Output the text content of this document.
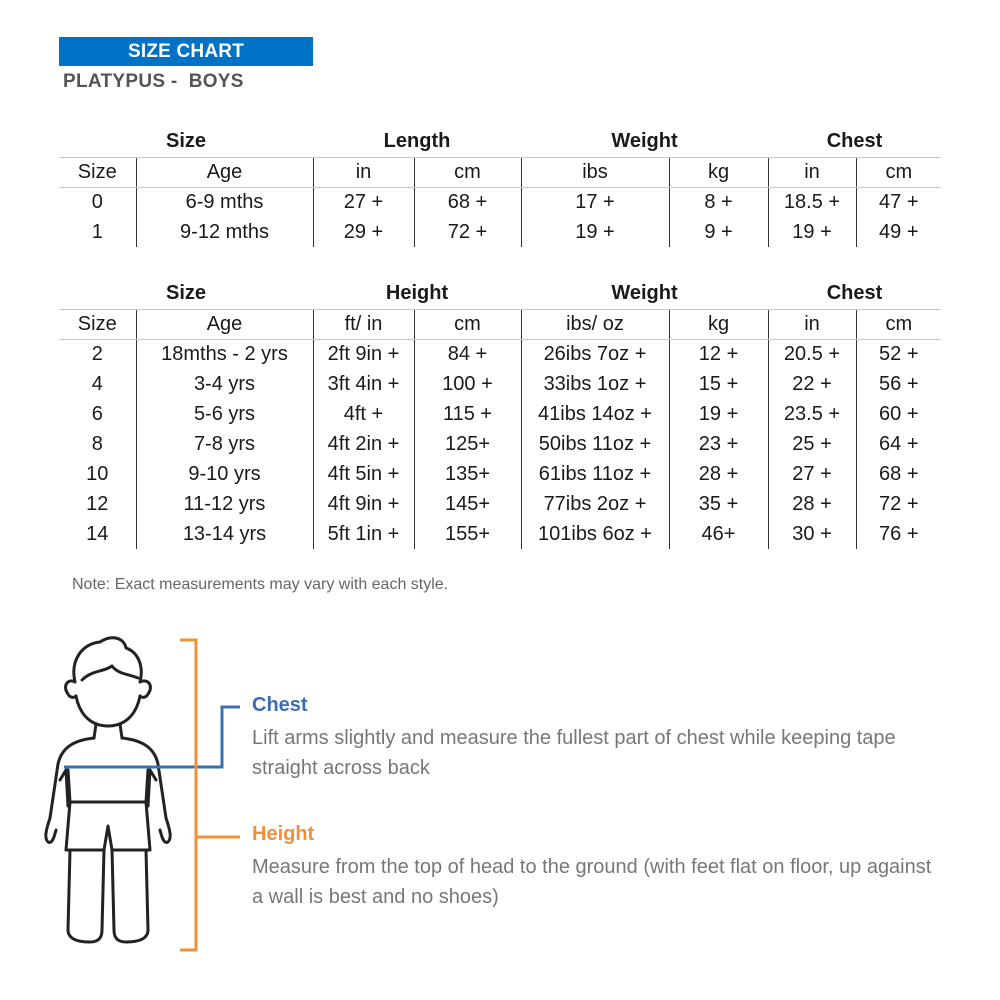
SIZE CHART
PLATYPUS -  BOYS
Size		Length		Weight		Chest	
Size	Age	in	cm	ibs	kg	in	cm
0	6-9 mths	27 +	68 +	17 +	8 +	18.5 +	47 +
1	9-12 mths	29 +	72 +	19 +	9 +	19 +	49 +
Size		Height		Weight		Chest	
Size	Age	ft/ in	cm	ibs/ oz	kg	in	cm
2	18mths - 2 yrs	2ft 9in +	84 +	26ibs 7oz +	12 +	20.5 +	52 +
4	3-4 yrs	3ft 4in +	100 +	33ibs 1oz +	15 +	22 +	56 +
6	5-6 yrs	4ft +	115 +	41ibs 14oz +	19 +	23.5 +	60 +
8	7-8 yrs	4ft 2in +	125+	50ibs 11oz +	23 +	25 +	64 +
10	9-10 yrs	4ft 5in +	135+	61ibs 11oz +	28 +	27 +	68 +
12	11-12 yrs	4ft 9in +	145+	77ibs 2oz +	35 +	28 +	72 +
14	13-14 yrs	5ft 1in +	155+	101ibs 6oz +	46+	30 +	76 +
Note: Exact measurements may vary with each style.
Chest
Lift arms slightly and measure the fullest part of chest while keeping tape straight across back
Height
Measure from the top of head to the ground (with feet flat on floor, up against a wall is best and no shoes)
